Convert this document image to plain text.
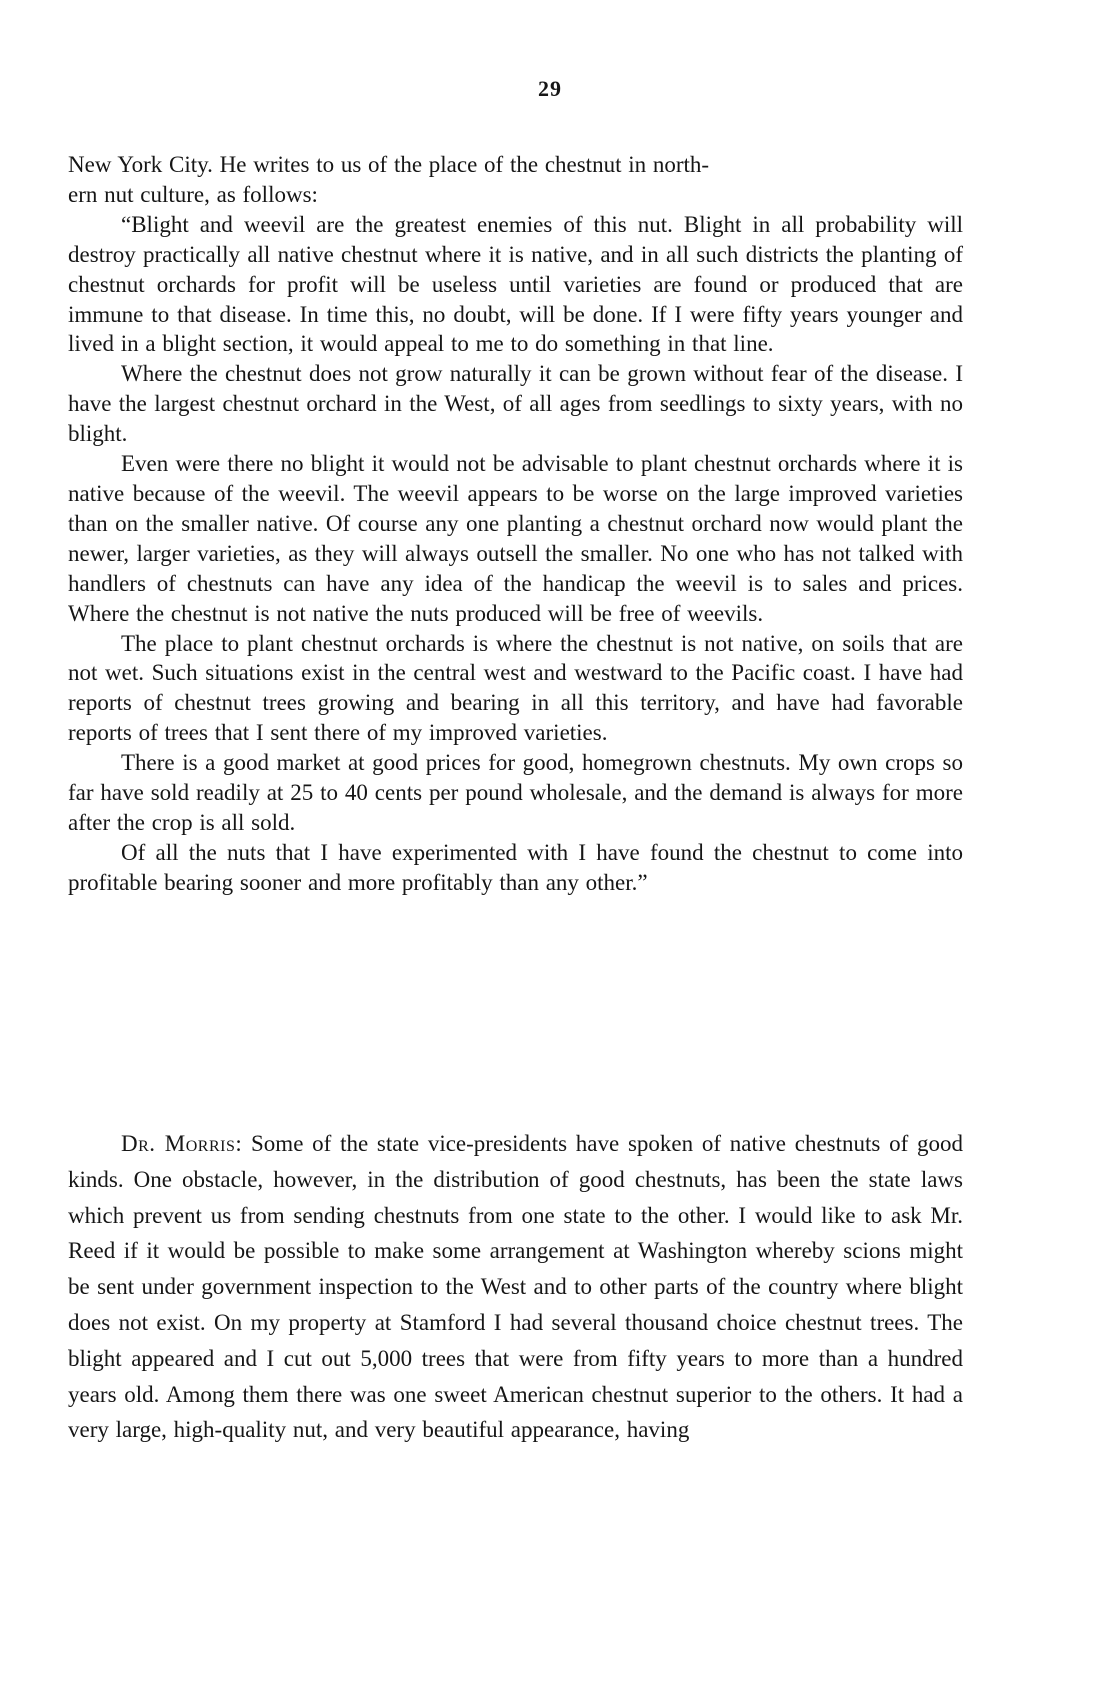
29

New York City. He writes to us of the place of the chestnut in north-
ern nut culture, as follows:

“Blight and weevil are the greatest enemies of this nut. Blight in all probability will destroy practically all native chestnut where it is native, and in all such districts the planting of chestnut orchards for profit will be useless until varieties are found or produced that are immune to that disease. In time this, no doubt, will be done. If I were fifty years younger and lived in a blight section, it would appeal to me to do something in that line.

Where the chestnut does not grow naturally it can be grown without fear of the disease. I have the largest chestnut orchard in the West, of all ages from seedlings to sixty years, with no blight.

Even were there no blight it would not be advisable to plant chestnut orchards where it is native because of the weevil. The weevil appears to be worse on the large improved varieties than on the smaller native. Of course any one planting a chestnut orchard now would plant the newer, larger varieties, as they will always outsell the smaller. No one who has not talked with handlers of chestnuts can have any idea of the handicap the weevil is to sales and prices. Where the chestnut is not native the nuts produced will be free of weevils.

The place to plant chestnut orchards is where the chestnut is not native, on soils that are not wet. Such situations exist in the central west and westward to the Pacific coast. I have had reports of chestnut trees growing and bearing in all this territory, and have had favorable reports of trees that I sent there of my improved varieties.

There is a good market at good prices for good, homegrown chestnuts. My own crops so far have sold readily at 25 to 40 cents per pound wholesale, and the demand is always for more after the crop is all sold.

Of all the nuts that I have experimented with I have found the chestnut to come into profitable bearing sooner and more profitably than any other.”

Dr. Morris: Some of the state vice-presidents have spoken of native chestnuts of good kinds. One obstacle, however, in the distribution of good chestnuts, has been the state laws which prevent us from sending chestnuts from one state to the other. I would like to ask Mr. Reed if it would be possible to make some arrangement at Washington whereby scions might be sent under government inspection to the West and to other parts of the country where blight does not exist. On my property at Stamford I had several thousand choice chestnut trees. The blight appeared and I cut out 5,000 trees that were from fifty years to more than a hundred years old. Among them there was one sweet American chestnut superior to the others. It had a very large, high-quality nut, and very beautiful appearance, having
